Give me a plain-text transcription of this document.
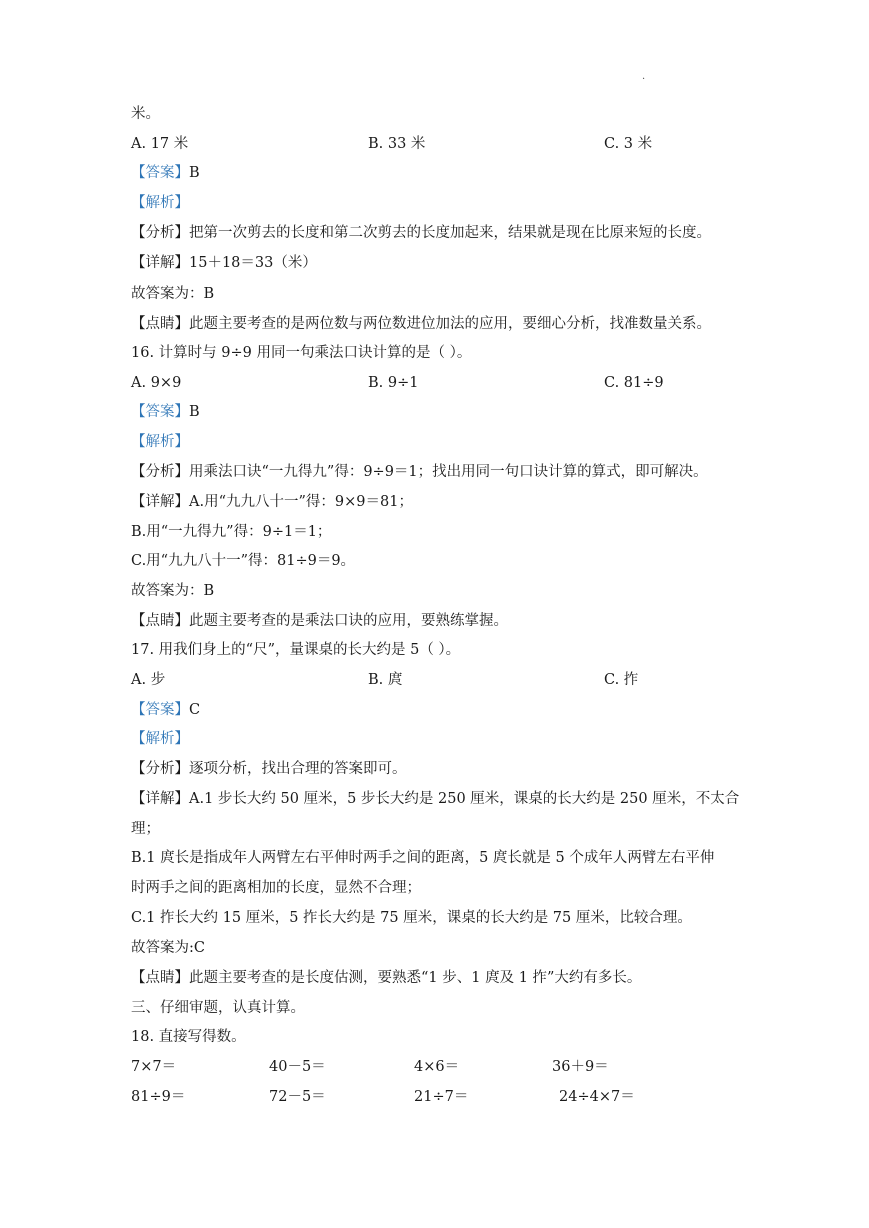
·
米。
A. 17 米	B. 33 米	C. 3 米
【答案】B
【解析】
【分析】把第一次剪去的长度和第二次剪去的长度加起来，结果就是现在比原来短的长度。
【详解】15＋18＝33（米）
故答案为：B
【点睛】此题主要考查的是两位数与两位数进位加法的应用，要细心分析，找准数量关系。
16. 计算时与 9÷9 用同一句乘法口诀计算的是（ ）。
A. 9×9	B. 9÷1	C. 81÷9
【答案】B
【解析】
【分析】用乘法口诀“一九得九”得：9÷9＝1；找出用同一句口诀计算的算式，即可解决。
【详解】A.用“九九八十一”得：9×9＝81；
B.用“一九得九”得：9÷1＝1；
C.用“九九八十一”得：81÷9＝9。
故答案为：B
【点睛】此题主要考查的是乘法口诀的应用，要熟练掌握。
17. 用我们身上的“尺”，量课桌的长大约是 5（ ）。
A. 步	B. 庹	C. 拃
【答案】C
【解析】
【分析】逐项分析，找出合理的答案即可。
【详解】A.1 步长大约 50 厘米，5 步长大约是 250 厘米，课桌的长大约是 250 厘米，不太合
理；
B.1 庹长是指成年人两臂左右平伸时两手之间的距离，5 庹长就是 5 个成年人两臂左右平伸
时两手之间的距离相加的长度，显然不合理；
C.1 拃长大约 15 厘米，5 拃长大约是 75 厘米，课桌的长大约是 75 厘米，比较合理。
故答案为:C
【点睛】此题主要考查的是长度估测，要熟悉“1 步、1 庹及 1 拃”大约有多长。
三、仔细审题，认真计算。
18. 直接写得数。
7×7＝	40－5＝	4×6＝	36＋9＝
81÷9＝	72－5＝	21÷7＝	24÷4×7＝
